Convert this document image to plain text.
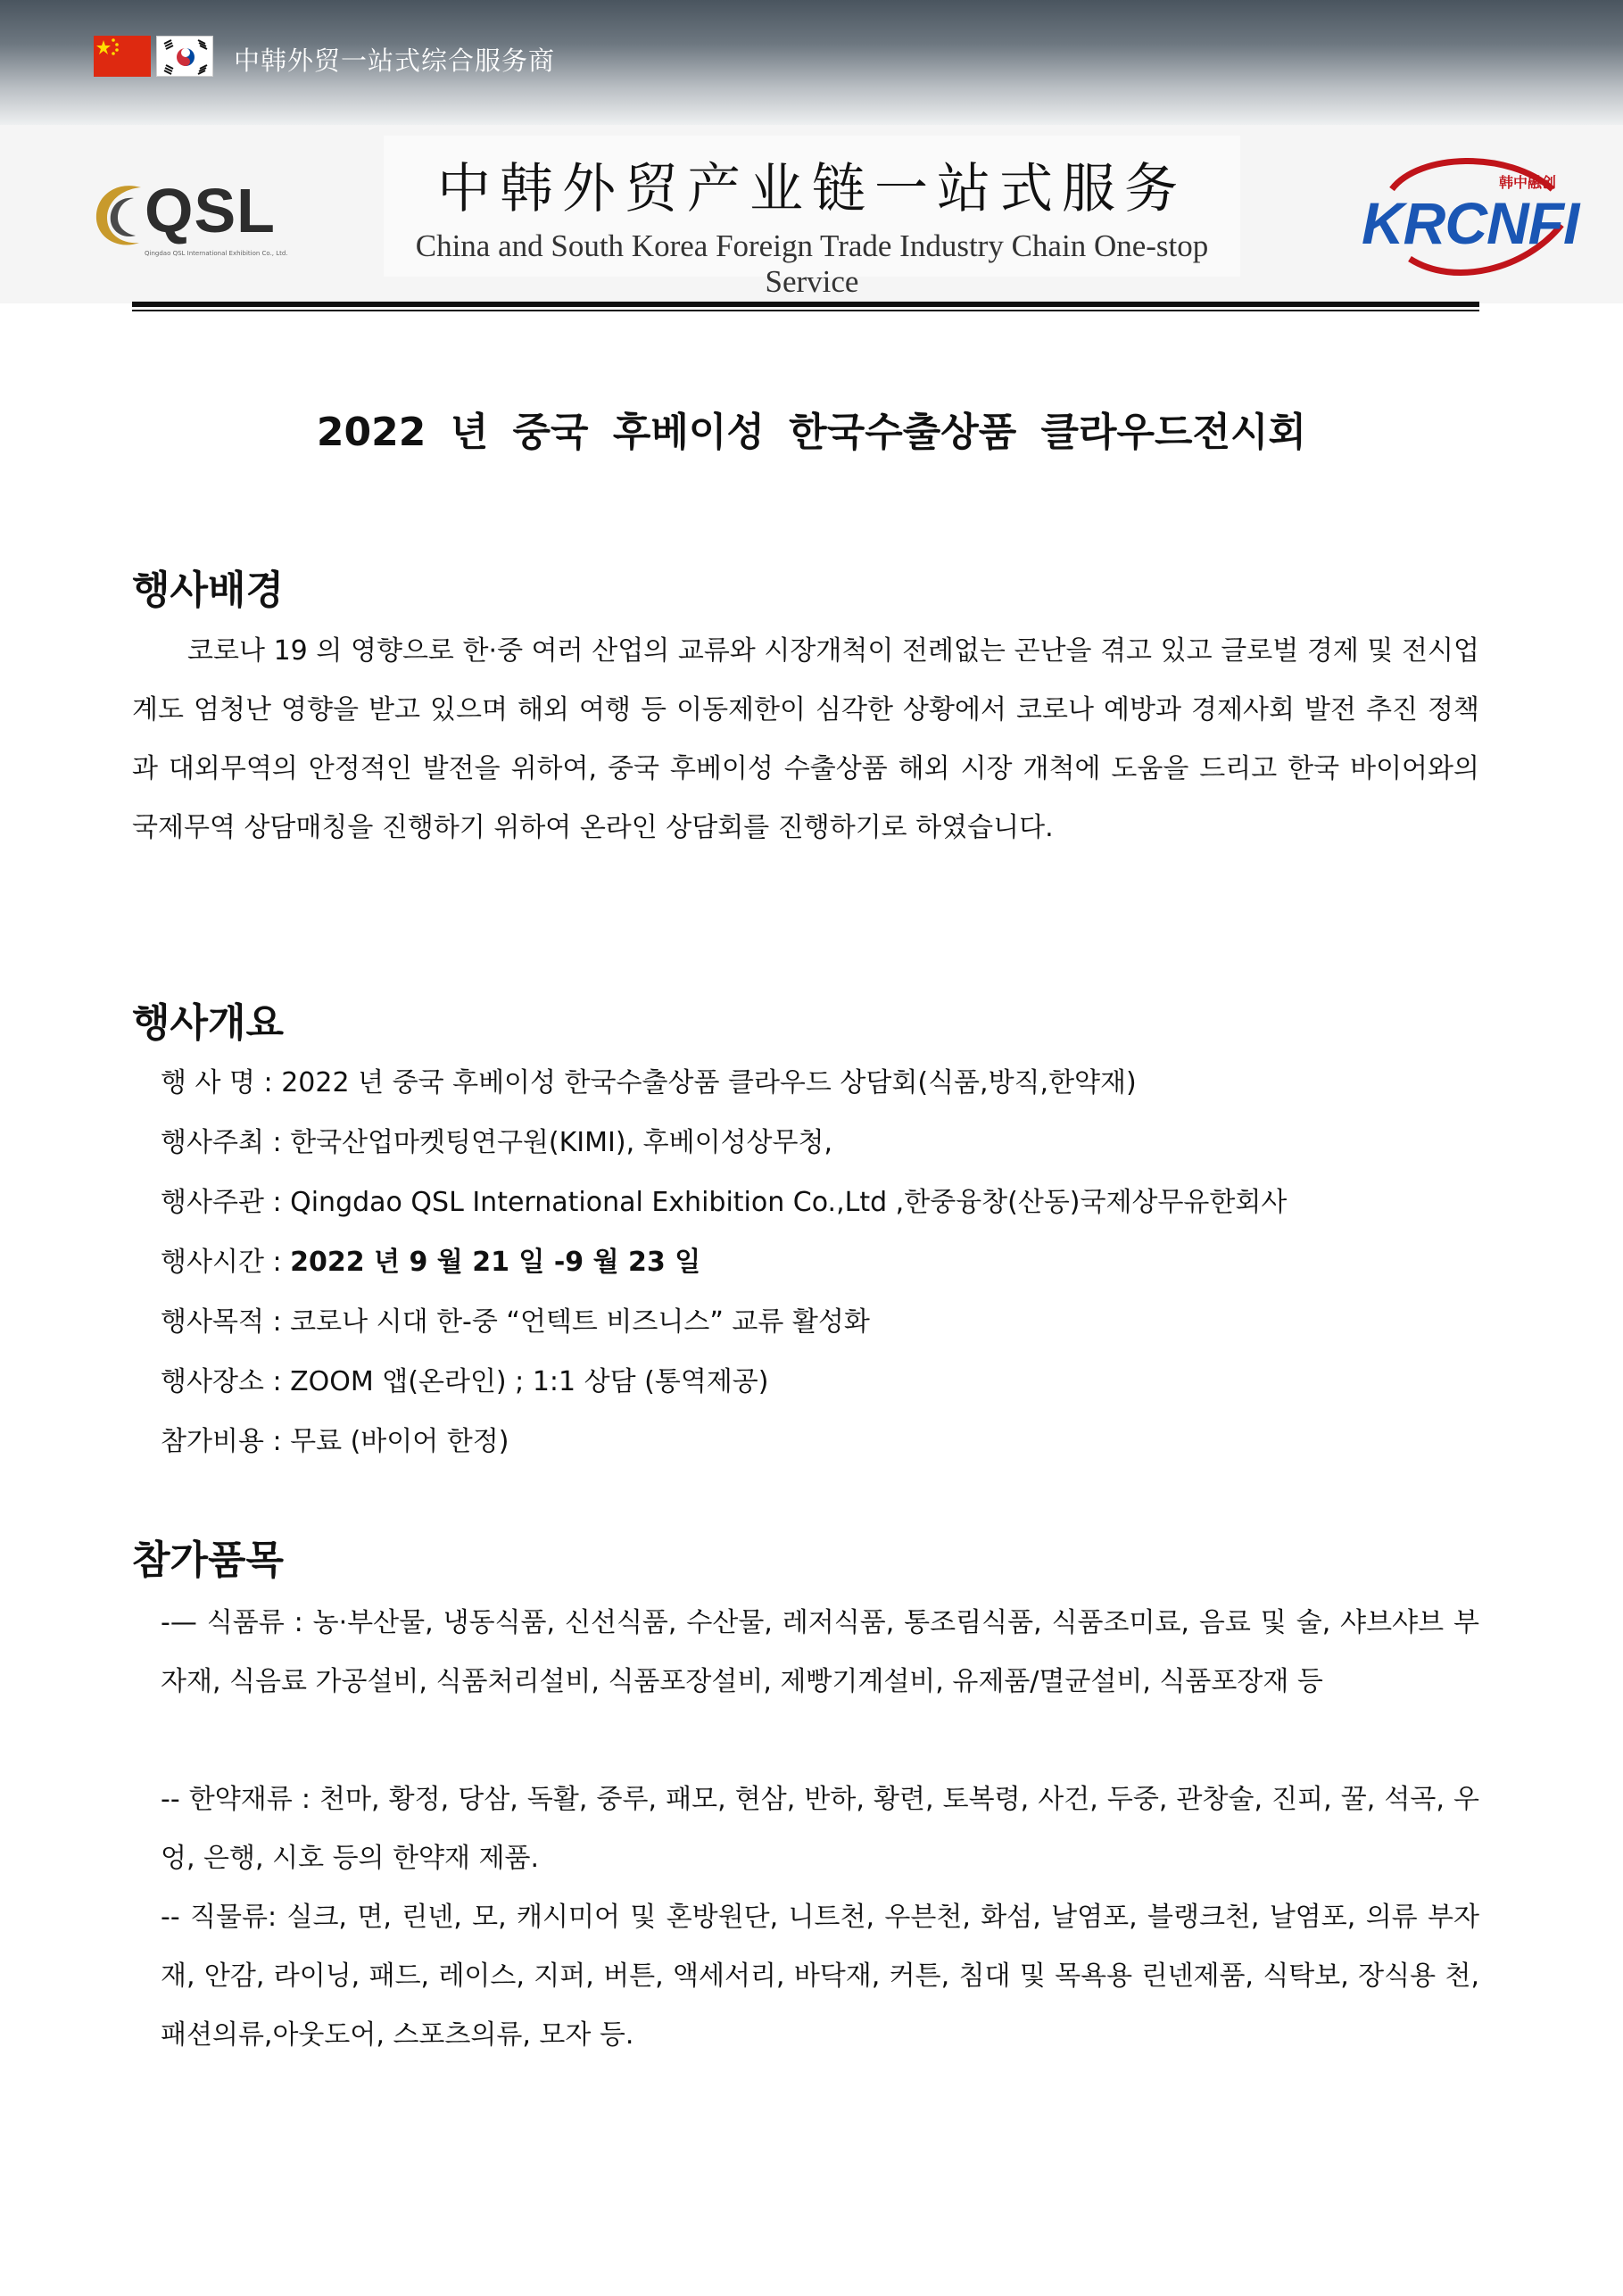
中韩外贸一站式综合服务商
QSL
Qingdao QSL International Exhibition Co., Ltd.
中韩外贸产业链一站式服务
China and South Korea Foreign Trade Industry Chain One-stop Service
韩中融创
KRCNFI
2022 년 중국 후베이성 한국수출상품 클라우드전시회
행사배경
코로나 19 의 영향으로 한·중 여러 산업의 교류와 시장개척이 전례없는 곤난을 겪고 있고 글로벌 경제 및 전시업계도 엄청난 영향을 받고 있으며 해외 여행 등 이동제한이 심각한 상황에서 코로나 예방과 경제사회 발전 추진 정책과 대외무역의 안정적인 발전을 위하여, 중국 후베이성 수출상품 해외 시장 개척에 도움을 드리고 한국 바이어와의 국제무역 상담매칭을 진행하기 위하여 온라인 상담회를 진행하기로 하였습니다.
행사개요
행 사 명 : 2022 년 중국 후베이성 한국수출상품 클라우드 상담회(식품,방직,한약재)
행사주최 : 한국산업마켓팅연구원(KIMI), 후베이성상무청,
행사주관 : Qingdao QSL International Exhibition Co.,Ltd ,한중융창(산동)국제상무유한회사
행사시간 : 2022 년 9 월 21 일 -9 월 23 일
행사목적 : 코로나 시대 한-중 “언텍트 비즈니스” 교류 활성화
행사장소 : ZOOM 앱(온라인) ; 1:1 상담 (통역제공)
참가비용 : 무료 (바이어 한정)
참가품목
-— 식품류 : 농·부산물, 냉동식품, 신선식품, 수산물, 레저식품, 통조림식품, 식품조미료, 음료 및 술, 샤브샤브 부자재, 식음료 가공설비, 식품처리설비, 식품포장설비, 제빵기계설비, 유제품/멸균설비, 식품포장재 등
-- 한약재류 : 천마, 황정, 당삼, 독활, 중루, 패모, 현삼, 반하, 황련, 토복령, 사건, 두중, 관창술, 진피, 꿀, 석곡, 우엉, 은행, 시호 등의 한약재 제품.
-- 직물류: 실크, 면, 린넨, 모, 캐시미어 및 혼방원단, 니트천, 우븐천, 화섬, 날염포, 블랭크천, 날염포, 의류 부자재, 안감, 라이닝, 패드, 레이스, 지퍼, 버튼, 액세서리, 바닥재, 커튼, 침대 및 목욕용 린넨제품, 식탁보, 장식용 천,패션의류,아웃도어, 스포츠의류, 모자 등.
